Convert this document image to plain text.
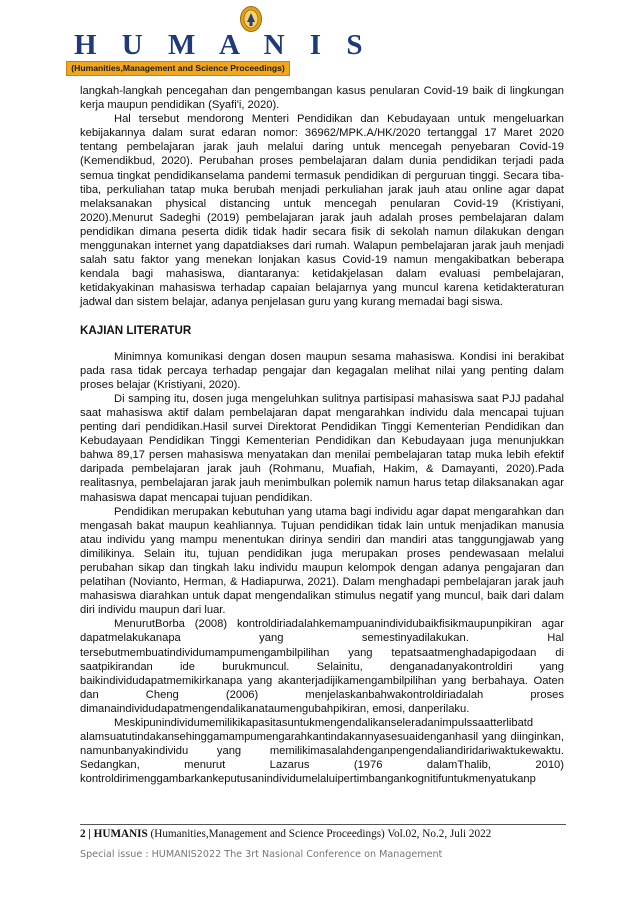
H U M A N I S
(Humanities,Management and Science Proceedings)

langkah-langkah pencegahan dan pengembangan kasus penularan Covid-19 baik di lingkungan kerja maupun pendidikan (Syafi'i, 2020).

Hal tersebut mendorong Menteri Pendidikan dan Kebudayaan untuk mengeluarkan kebijakannya dalam surat edaran nomor: 36962/MPK.A/HK/2020 tertanggal 17 Maret 2020 tentang pembelajaran jarak jauh melalui daring untuk mencegah penyebaran Covid-19 (Kemendikbud, 2020). Perubahan proses pembelajaran dalam dunia pendidikan terjadi pada semua tingkat pendidikanselama pandemi termasuk pendidikan di perguruan tinggi. Secara tiba-tiba, perkuliahan tatap muka berubah menjadi perkuliahan jarak jauh atau online agar dapat melaksanakan physical distancing untuk mencegah penularan Covid-19 (Kristiyani, 2020).Menurut Sadeghi (2019) pembelajaran jarak jauh adalah proses pembelajaran dalam pendidikan dimana peserta didik tidak hadir secara fisik di sekolah namun dilakukan dengan menggunakan internet yang dapatdiakses dari rumah. Walapun pembelajaran jarak jauh menjadi salah satu faktor yang menekan lonjakan kasus Covid-19 namun mengakibatkan beberapa kendala bagi mahasiswa, diantaranya: ketidakjelasan dalam evaluasi pembelajaran, ketidakyakinan mahasiswa terhadap capaian belajarnya yang muncul karena ketidakteraturan jadwal dan sistem belajar, adanya penjelasan guru yang kurang memadai bagi siswa.

KAJIAN LITERATUR

Minimnya komunikasi dengan dosen maupun sesama mahasiswa. Kondisi ini berakibat pada rasa tidak percaya terhadap pengajar dan kegagalan melihat nilai yang penting dalam proses belajar (Kristiyani, 2020).

Di samping itu, dosen juga mengeluhkan sulitnya partisipasi mahasiswa saat PJJ padahal saat mahasiswa aktif dalam pembelajaran dapat mengarahkan individu dala mencapai tujuan penting dari pendidikan.Hasil survei Direktorat Pendidikan Tinggi Kementerian Pendidikan dan Kebudayaan Pendidikan Tinggi Kementerian Pendidikan dan Kebudayaan juga menunjukkan bahwa 89,17 persen mahasiswa menyatakan dan menilai pembelajaran tatap muka lebih efektif daripada pembelajaran jarak jauh (Rohmanu, Muafiah, Hakim, & Damayanti, 2020).Pada realitasnya, pembelajaran jarak jauh menimbulkan polemik namun harus tetap dilaksanakan agar mahasiswa dapat mencapai tujuan pendidikan.

Pendidikan merupakan kebutuhan yang utama bagi individu agar dapat mengarahkan dan mengasah bakat maupun keahliannya. Tujuan pendidikan tidak lain untuk menjadikan manusia atau individu yang mampu menentukan dirinya sendiri dan mandiri atas tanggungjawab yang dimilikinya. Selain itu, tujuan pendidikan juga merupakan proses pendewasaan melalui perubahan sikap dan tingkah laku individu maupun kelompok dengan adanya pengajaran dan pelatihan (Novianto, Herman, & Hadiapurwa, 2021). Dalam menghadapi pembelajaran jarak jauh mahasiswa diarahkan untuk dapat mengendalikan stimulus negatif yang muncul, baik dari dalam diri individu maupun dari luar.

MenurutBorba (2008) kontroldiriadalahkemampuanindividubaikfisikmaupunpikiran agar dapatmelakukanapa yang semestinyadilakukan. Hal tersebutmembuatindividumampumengambilpilihan yang tepatsaatmenghadapigodaan di saatpikirandan ide burukmuncul. Selainitu, denganadanyakontroldiri yang baikindividudapatmemikirkanapa yang akanterjadijikamengambilpilihan yang berbahaya. Oaten dan Cheng (2006) menjelaskanbahwakontroldiriadalah proses dimanaindividudapatmengendalikanataumengubahpikiran, emosi, danperilaku.

Meskipunindividumemilikikapasitasuntukmengendalikanseleradanimpulssaatterlibatd alamsuatutindakansehinggamampumengarahkantindakannyasesuaidenganhasil yang diinginkan, namunbanyakindividu yang memilikimasalahdenganpengendaliandiridariwaktukewaktu. Sedangkan, menurut Lazarus (1976 dalamThalib, 2010) kontroldirimenggambarkankeputusanindividumelaluipertimbangankognitifuntukmenyatukanp

2 | HUMANIS (Humanities,Management and Science Proceedings) Vol.02, No.2, Juli 2022
Special issue : HUMANIS2022 The 3rt Nasional Conference on Management
